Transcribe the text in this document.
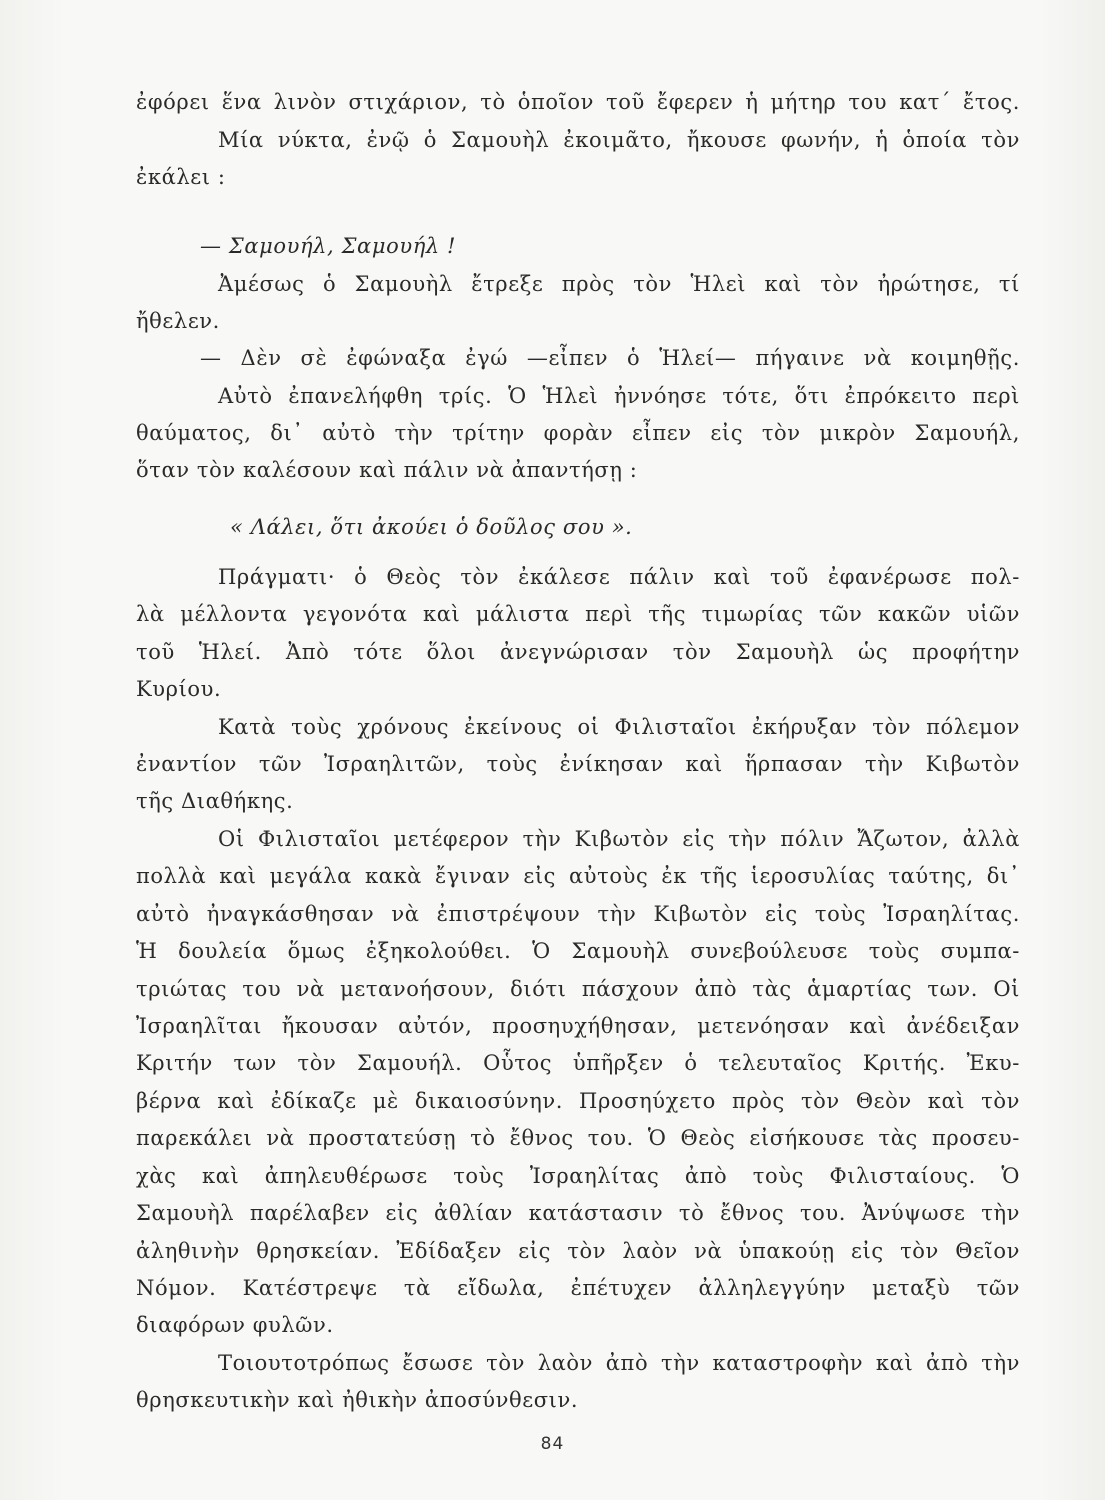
ἐφόρει ἕνα λινὸν στιχάριον, τὸ ὁποῖον τοῦ ἔφερεν ἡ μήτηρ του κατ΄ ἔτος.
Μία νύκτα, ἐνῷ ὁ Σαμουὴλ ἐκοιμᾶτο, ἤκουσε φωνήν, ἡ ὁποία τὸν
ἐκάλει :
— Σαμουήλ, Σαμουήλ !
Ἀμέσως ὁ Σαμουὴλ ἔτρεξε πρὸς τὸν Ἡλεὶ καὶ τὸν ἠρώτησε, τί
ἤθελεν.
— Δὲν σὲ ἐφώναξα ἐγώ —εἶπεν ὁ Ἡλεί— πήγαινε νὰ κοιμηθῇς.
Αὐτὸ ἐπανελήφθη τρίς. Ὁ Ἡλεὶ ἠννόησε τότε, ὅτι ἐπρόκειτο περὶ
θαύματος, δι᾽ αὐτὸ τὴν τρίτην φορὰν εἶπεν εἰς τὸν μικρὸν Σαμουήλ,
ὅταν τὸν καλέσουν καὶ πάλιν νὰ ἀπαντήσῃ :
« Λάλει, ὅτι ἀκούει ὁ δοῦλος σου ».
Πράγματι· ὁ Θεὸς τὸν ἐκάλεσε πάλιν καὶ τοῦ ἐφανέρωσε πολ-
λὰ μέλλοντα γεγονότα καὶ μάλιστα περὶ τῆς τιμωρίας τῶν κακῶν υἱῶν
τοῦ Ἡλεί. Ἀπὸ τότε ὅλοι ἀνεγνώρισαν τὸν Σαμουὴλ ὡς προφήτην
Κυρίου.
Κατὰ τοὺς χρόνους ἐκείνους οἱ Φιλισταῖοι ἐκήρυξαν τὸν πόλεμον
ἐναντίον τῶν Ἰσραηλιτῶν, τοὺς ἐνίκησαν καὶ ἥρπασαν τὴν Κιβωτὸν
τῆς Διαθήκης.
Οἱ Φιλισταῖοι μετέφερον τὴν Κιβωτὸν εἰς τὴν πόλιν Ἄζωτον, ἀλλὰ
πολλὰ καὶ μεγάλα κακὰ ἔγιναν εἰς αὐτοὺς ἐκ τῆς ἱεροσυλίας ταύτης, δι᾽
αὐτὸ ἠναγκάσθησαν νὰ ἐπιστρέψουν τὴν Κιβωτὸν εἰς τοὺς Ἰσραηλίτας.
Ἡ δουλεία ὅμως ἐξηκολούθει. Ὁ Σαμουὴλ συνεβούλευσε τοὺς συμπα-
τριώτας του νὰ μετανοήσουν, διότι πάσχουν ἀπὸ τὰς ἁμαρτίας των. Οἱ
Ἰσραηλῖται ἤκουσαν αὐτόν, προσηυχήθησαν, μετενόησαν καὶ ἀνέδειξαν
Κριτήν των τὸν Σαμουήλ. Οὗτος ὑπῆρξεν ὁ τελευταῖος Κριτής. Ἐκυ-
βέρνα καὶ ἐδίκαζε μὲ δικαιοσύνην. Προσηύχετο πρὸς τὸν Θεὸν καὶ τὸν
παρεκάλει νὰ προστατεύσῃ τὸ ἔθνος του. Ὁ Θεὸς εἰσήκουσε τὰς προσευ-
χὰς καὶ ἀπηλευθέρωσε τοὺς Ἰσραηλίτας ἀπὸ τοὺς Φιλισταίους. Ὁ
Σαμουὴλ παρέλαβεν εἰς ἀθλίαν κατάστασιν τὸ ἔθνος του. Ἀνύψωσε τὴν
ἀληθινὴν θρησκείαν. Ἐδίδαξεν εἰς τὸν λαὸν νὰ ὑπακούῃ εἰς τὸν Θεῖον
Νόμον. Κατέστρεψε τὰ εἴδωλα, ἐπέτυχεν ἀλληλεγγύην μεταξὺ τῶν
διαφόρων φυλῶν.
Τοιουτοτρόπως ἔσωσε τὸν λαὸν ἀπὸ τὴν καταστροφὴν καὶ ἀπὸ τὴν
θρησκευτικὴν καὶ ἠθικὴν ἀποσύνθεσιν.
84
